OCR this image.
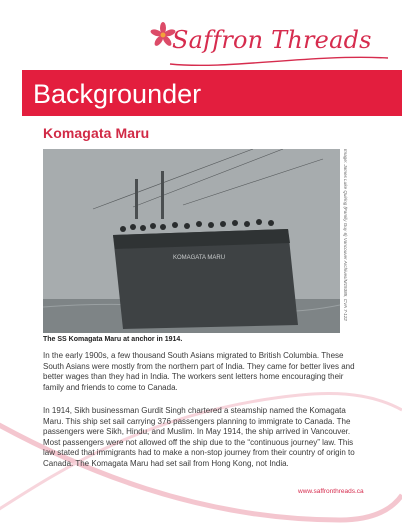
Saffron Threads
Backgrounder
Komagata Maru
KOMAGATA MARU	Image: James Luke Quiring (Family Guy 6) Vancouver Archives/M15385, CVA 7-122
The SS Komagata Maru at anchor in 1914.

In the early 1900s, a few thousand South Asians migrated to British Columbia. These South Asians were mostly from the northern part of India. They came for better lives and better wages than they had in India. The workers sent letters home encouraging their family and friends to come to Canada.

In 1914, Sikh businessman Gurdit Singh chartered a steamship named the Komagata Maru. This ship set sail carrying 376 passengers planning to immigrate to Canada. The passengers were Sikh, Hindu, and Muslim. In May 1914, the ship arrived in Vancouver. Most passengers were not allowed off the ship due to the “continuous journey” law. This law stated that immigrants had to make a non-stop journey from their country of origin to Canada. The Komagata Maru had set sail from Hong Kong, not India.

www.saffronthreads.ca
